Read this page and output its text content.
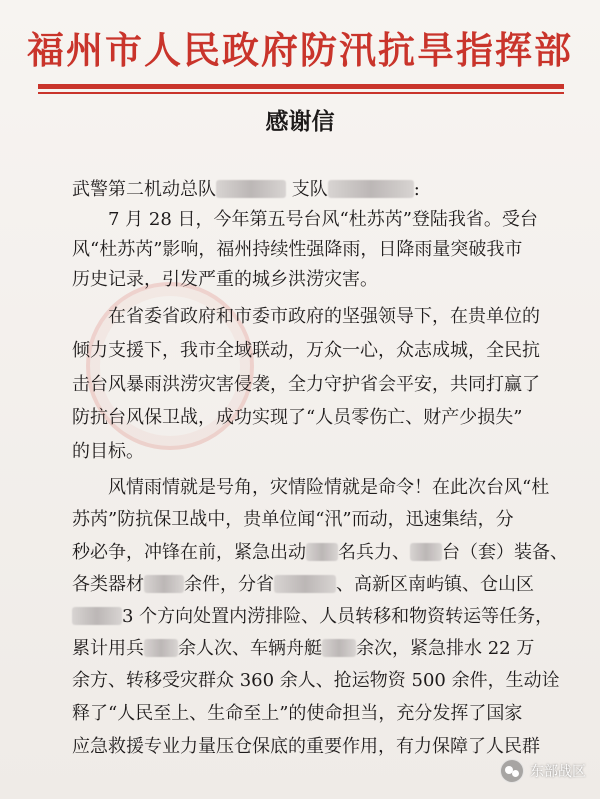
福州市人民政府防汛抗旱指挥部
感谢信
武警第二机动总队	支队	:
7 月 28 日，今年第五号台风“杜苏芮”登陆我省。受台
风“杜苏芮”影响，福州持续性强降雨，日降雨量突破我市
历史记录，引发严重的城乡洪涝灾害。
在省委省政府和市委市政府的坚强领导下，在贵单位的
倾力支援下，我市全域联动，万众一心，众志成城，全民抗
击台风暴雨洪涝灾害侵袭，全力守护省会平安，共同打赢了
防抗台风保卫战，成功实现了“人员零伤亡、财产少损失”
的目标。
风情雨情就是号角，灾情险情就是命令！在此次台风“杜
苏芮”防抗保卫战中，贵单位闻“汛”而动，迅速集结，分
秒必争，冲锋在前，紧急出动 名兵力、 台（套）装备、
各类器材 余件，分省	、高新区南屿镇、仓山区
3 个方向处置内涝排险、人员转移和物资转运等任务，
累计用兵 余人次、车辆舟艇 余次，紧急排水 22 万
余方、转移受灾群众 360 余人、抢运物资 500 余件，生动诠
释了“人民至上、生命至上”的使命担当，充分发挥了国家
应急救援专业力量压仓保底的重要作用，有力保障了人民群
东部战区
